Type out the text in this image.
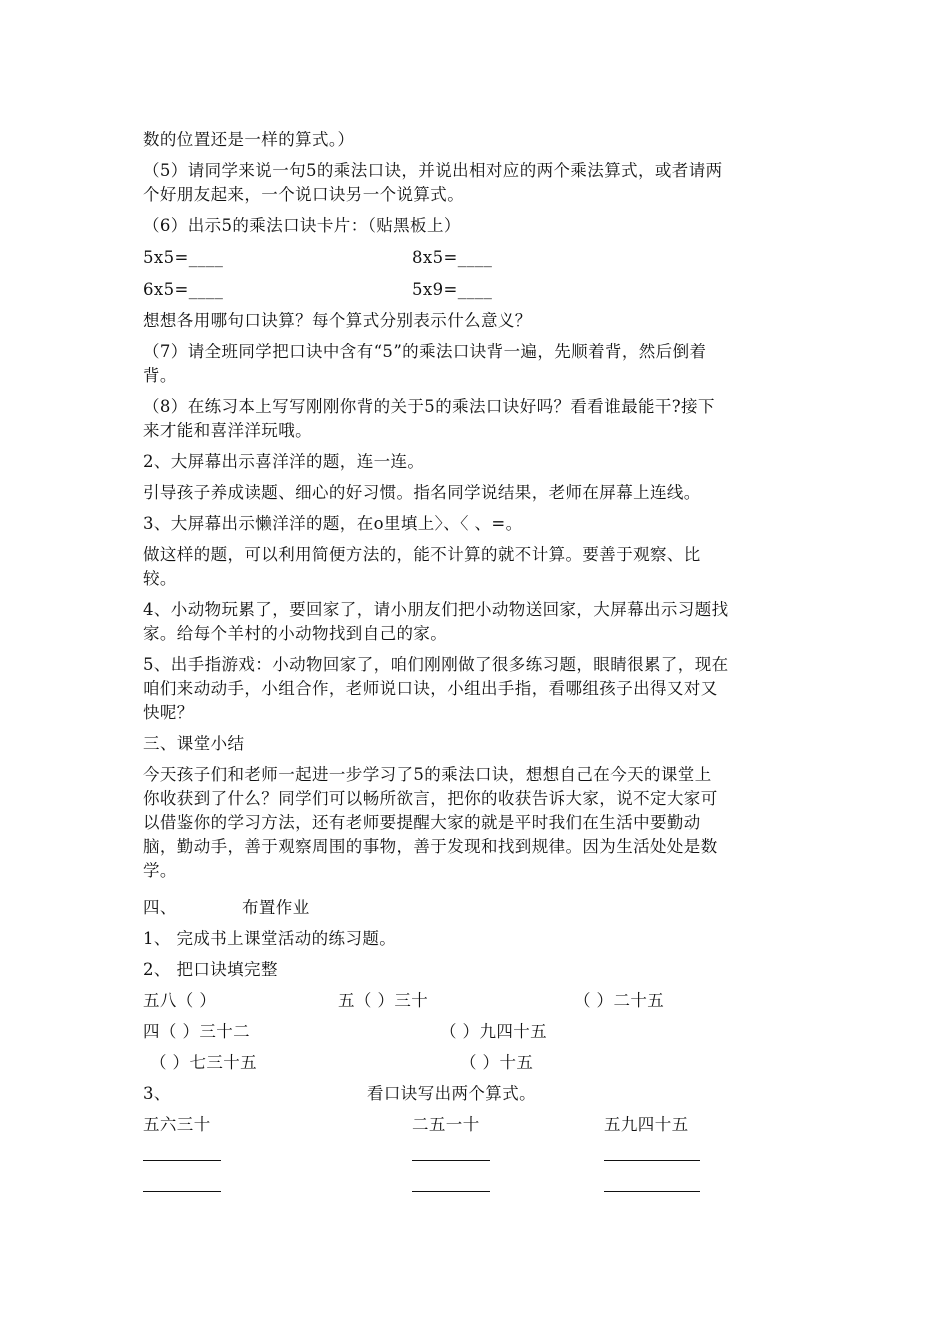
数的位置还是一样的算式。）

（5）请同学来说一句5的乘法口诀，并说出相对应的两个乘法算式，或者请两

个好朋友起来，一个说口诀另一个说算式。

（6）出示5的乘法口诀卡片：（贴黑板上）

5x5=____	8x5=____

6x5=____	5x9=____

想想各用哪句口诀算？每个算式分别表示什么意义？

（7）请全班同学把口诀中含有“5”的乘法口诀背一遍，先顺着背，然后倒着

背。

（8）在练习本上写写刚刚你背的关于5的乘法口诀好吗？看看谁最能干?接下

来才能和喜洋洋玩哦。

2、大屏幕出示喜洋洋的题，连一连。

引导孩子养成读题、细心的好习惯。指名同学说结果，老师在屏幕上连线。

3、大屏幕出示懒洋洋的题，在o里填上〉、〈 、=。

做这样的题，可以利用简便方法的，能不计算的就不计算。要善于观察、比

较。

4、小动物玩累了，要回家了，请小朋友们把小动物送回家，大屏幕出示习题找

家。给每个羊村的小动物找到自己的家。

5、出手指游戏：小动物回家了，咱们刚刚做了很多练习题，眼睛很累了，现在

咱们来动动手，小组合作，老师说口诀，小组出手指，看哪组孩子出得又对又

快呢？

三、课堂小结

今天孩子们和老师一起进一步学习了5的乘法口诀，想想自己在今天的课堂上

你收获到了什么？同学们可以畅所欲言，把你的收获告诉大家，说不定大家可

以借鉴你的学习方法，还有老师要提醒大家的就是平时我们在生活中要勤动

脑，勤动手，善于观察周围的事物，善于发现和找到规律。因为生活处处是数

学。

四、	布置作业

1、 完成书上课堂活动的练习题。

2、 把口诀填完整

五八（ ）	五（ ）三十	（ ）二十五

四（ ）三十二	（ ）九四十五

（ ）七三十五	（ ）十五

3、	看口诀写出两个算式。

五六三十	二五一十	五九四十五
